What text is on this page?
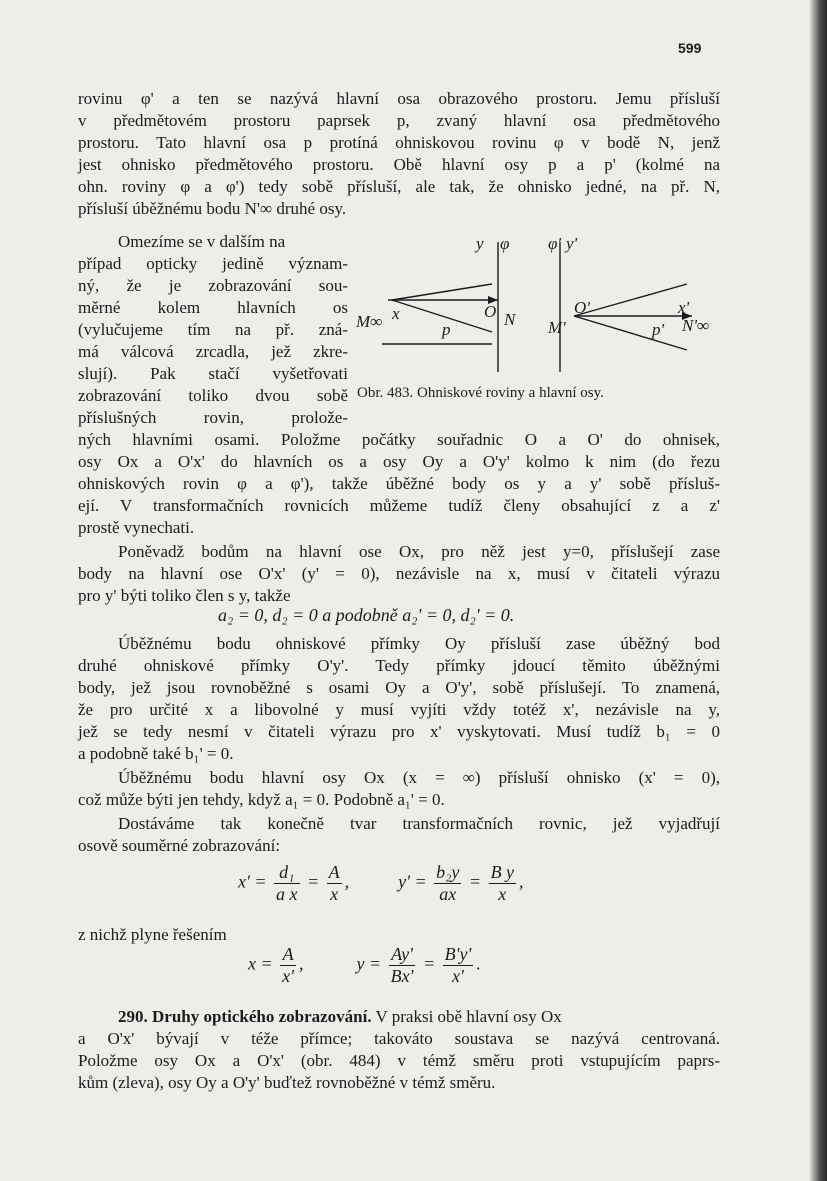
599
rovinu φ' a ten se nazývá hlavní osa obrazového prostoru. Jemu přísluší
v předmětovém prostoru paprsek p, zvaný hlavní osa předmětového
prostoru. Tato hlavní osa p protíná ohniskovou rovinu φ v bodě N, jenž
jest ohnisko předmětového prostoru. Obě hlavní osy p a p' (kolmé na
ohn. roviny φ a φ') tedy sobě přísluší, ale tak, že ohnisko jedné, na př. N,
přísluší úběžnému bodu N'∞ druhé osy.
Omezíme se v dalším na
případ opticky jedině význam-
ný, že je zobrazování sou-
měrné kolem hlavních os
(vylučujeme tím na př. zná-
má válcová zrcadla, jež zkre-
slují). Pak stačí vyšetřovati
zobrazování toliko dvou sobě
příslušných rovin, prolože-
y φ φ' y'
M∞ x	O
p
N M'
O'	x'
p' N'∞
Obr. 483. Ohniskové roviny a hlavní osy.
ných hlavními osami. Položme počátky souřadnic O a O' do ohnisek,
osy Ox a O'x' do hlavních os a osy Oy a O'y' kolmo k nim (do řezu
ohniskových rovin φ a φ'), takže úběžné body os y a y' sobě přísluš-
ejí. V transformačních rovnicích můžeme tudíž členy obsahující z a z'
prostě vynechati.
Poněvadž bodům na hlavní ose Ox, pro něž jest y=0, příslušejí zase
body na hlavní ose O'x' (y' = 0), nezávisle na x, musí v čitateli výrazu
pro y' býti toliko člen s y, takže
a₂ = 0, d₂ = 0 a podobně a₂' = 0, d₂' = 0.
Úběžnému bodu ohniskové přímky Oy přísluší zase úběžný bod
druhé ohniskové přímky O'y'. Tedy přímky jdoucí těmito úběžnými
body, jež jsou rovnoběžné s osami Oy a O'y', sobě příslušejí. To znamená,
že pro určité x a libovolné y musí vyjíti vždy totéž x', nezávisle na y,
jež se tedy nesmí v čitateli výrazu pro x' vyskytovati. Musí tudíž b₁ = 0
a podobně také b₁' = 0.
Úběžnému bodu hlavní osy Ox (x = ∞) přísluší ohnisko (x' = 0),
což může býti jen tehdy, když a₁ = 0. Podobně a₁' = 0.
Dostáváme tak konečně tvar transformačních rovnic, jež vyjadřují
osově souměrné zobrazování:
$x' = \frac{\text{d₁}}{\text{a x}} = \frac{A}{x}$ ,	$y' = \frac{\text{b₂y}}{ax} = \frac{\text{B y}}{x}$ ,
z nichž plyne řešením
$x = \frac{A}{x'}$ ,	$y = \frac{Ay'}{Bx'} = \frac{B'y'}{x'}$ .
290. Druhy optického zobrazování. V praksi obě hlavní osy Ox
a O'x' bývají v téže přímce; takováto soustava se nazývá centrovaná.
Položme osy Ox a O'x' (obr. 484) v témž směru proti vstupujícím paprs-
kům (zleva), osy Oy a O'y' buďtež rovnoběžné v témž směru.
